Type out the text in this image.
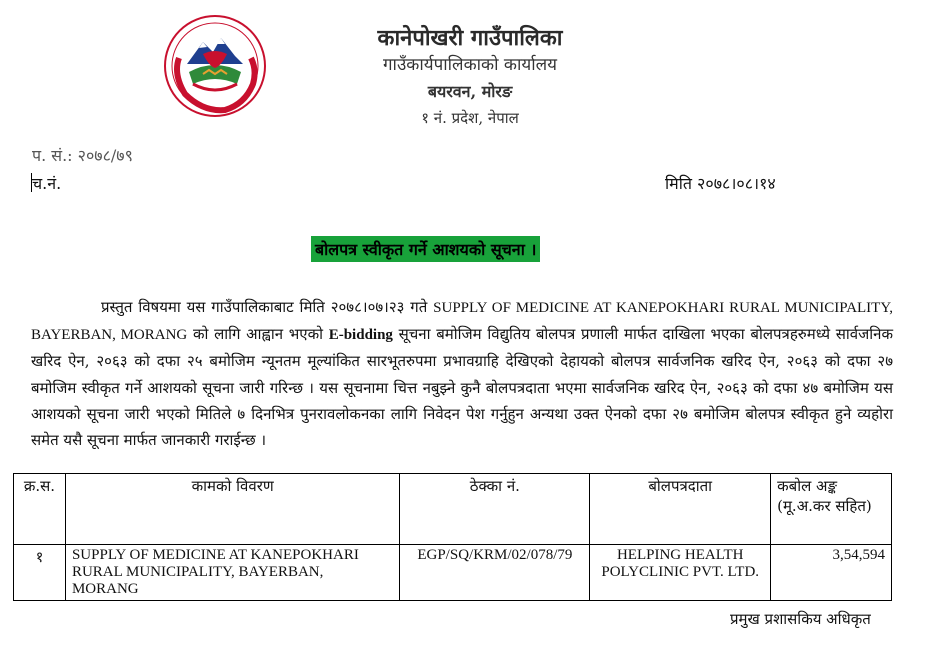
कानेपोखरी गाउँपालिका
गाउँकार्यपालिकाको कार्यालय
बयरवन, मोरङ
१ नं. प्रदेश, नेपाल
प. सं.: २०७८/७९
च.नं.	मिति २०७८।०८।१४
बोलपत्र स्वीकृत गर्ने आशयको सूचना ।

प्रस्तुत विषयमा यस गाउँपालिकाबाट मिति २०७८।०७।२३ गते SUPPLY OF MEDICINE AT KANEPOKHARI RURAL MUNICIPALITY, BAYERBAN, MORANG को लागि आह्वान भएको E-bidding सूचना बमोजिम विद्युतिय बोलपत्र प्रणाली मार्फत दाखिला भएका बोलपत्रहरुमध्ये सार्वजनिक खरिद ऐन, २०६३ को दफा २५ बमोजिम न्यूनतम मूल्यांकित सारभूतरुपमा प्रभावग्राहि देखिएको देहायको बोलपत्र सार्वजनिक खरिद ऐन, २०६३ को दफा २७ बमोजिम स्वीकृत गर्ने आशयको सूचना जारी गरिन्छ । यस सूचनामा चित्त नबुझ्ने कुनै बोलपत्रदाता भएमा सार्वजनिक खरिद ऐन, २०६३ को दफा ४७ बमोजिम यस आशयको सूचना जारी भएको मितिले ७ दिनभित्र पुनरावलोकनका लागि निवेदन पेश गर्नुहुन अन्यथा उक्त ऐनको दफा २७ बमोजिम बोलपत्र स्वीकृत हुने व्यहोरा समेत यसै सूचना मार्फत जानकारी गराईन्छ ।

क्र.स.	कामको विवरण	ठेक्का नं.	बोलपत्रदाता	कबोल अङ्क (मू.अ.कर सहित)
१	SUPPLY OF MEDICINE AT KANEPOKHARI RURAL MUNICIPALITY, BAYERBAN, MORANG	EGP/SQ/KRM/02/078/79	HELPING HEALTH POLYCLINIC PVT. LTD.	3,54,594
प्रमुख प्रशासकिय अधिकृत
